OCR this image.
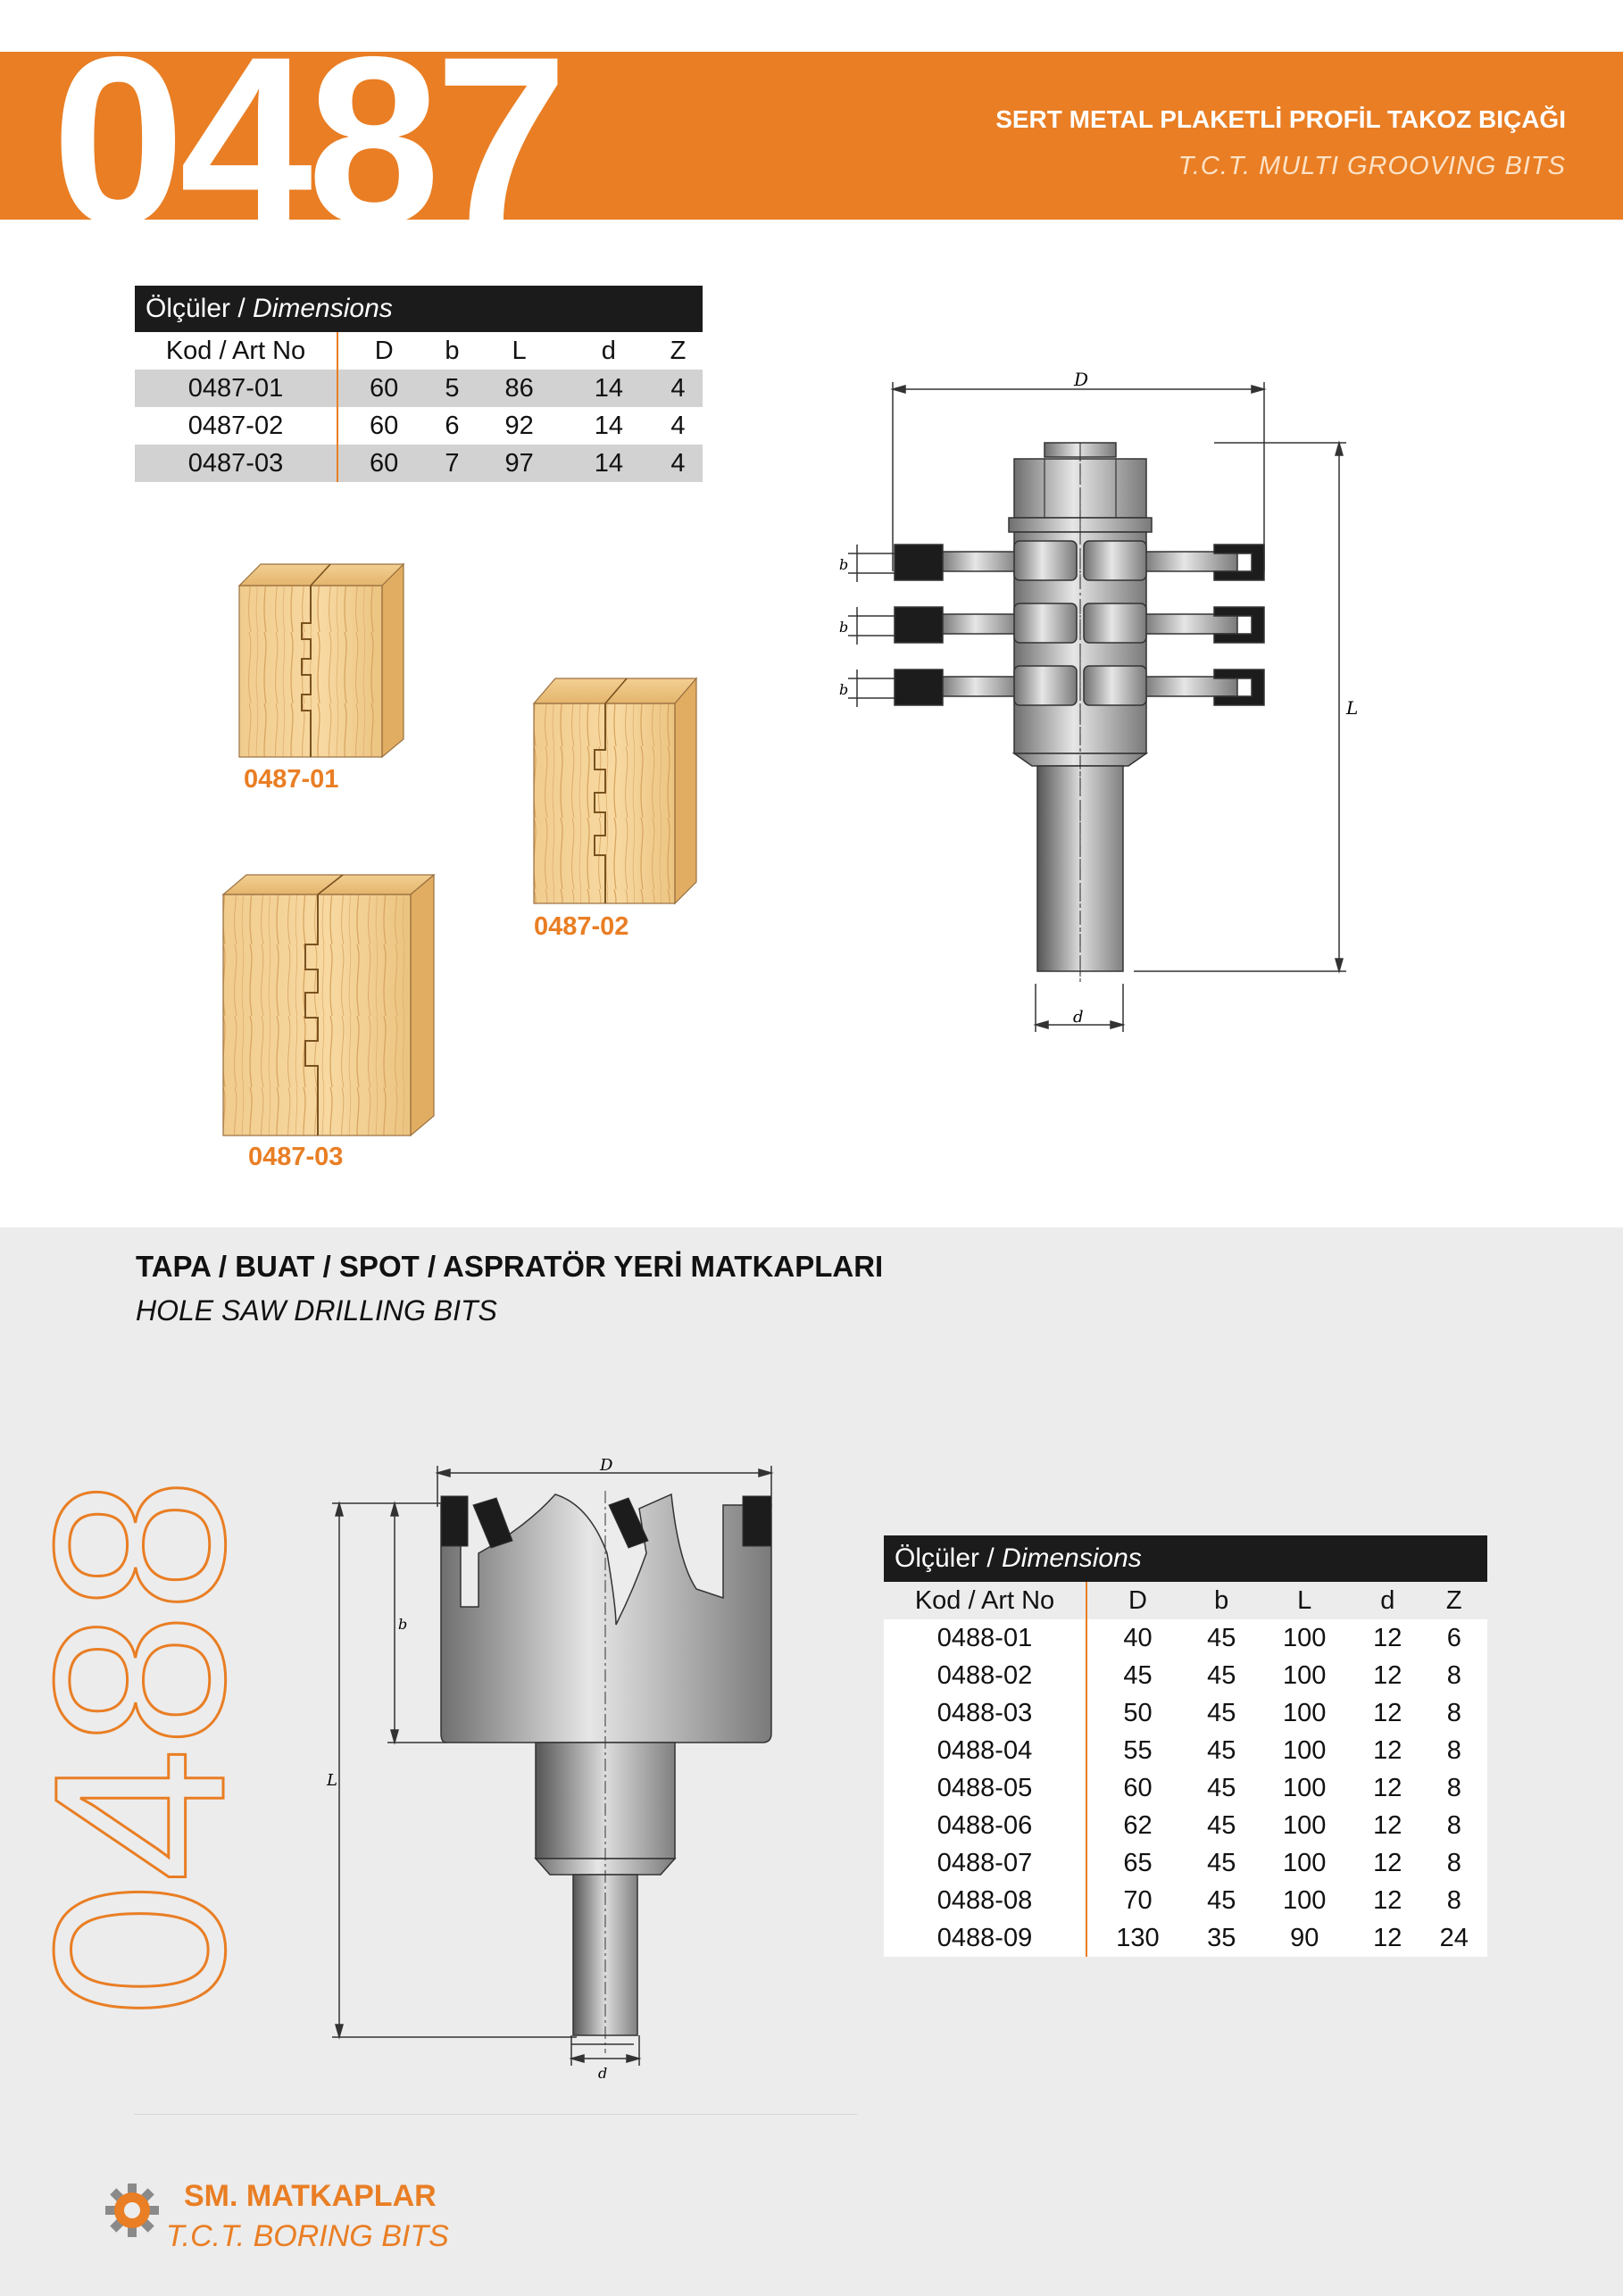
0487	SERT METAL PLAKETLİ PROFİL TAKOZ BIÇAĞI
T.C.T. MULTI GROOVING BITS
Ölçüler / Dimensions					
Kod / Art No	D	b	L	d	Z
0487-01	60	5	86	14	4
0487-02	60	6	92	14	4
0487-03	60	7	97	14	4
0487-01
0487-02
0487-03
D
b
b
b
L
d
TAPA / BUAT / SPOT / ASPRATÖR YERİ MATKAPLARI
HOLE SAW DRILLING BITS
0488
D
b
L
d
Ölçüler / Dimensions					
Kod / Art No	D	b	L	d	Z
0488-01	40	45	100	12	6
0488-02	45	45	100	12	8
0488-03	50	45	100	12	8
0488-04	55	45	100	12	8
0488-05	60	45	100	12	8
0488-06	62	45	100	12	8
0488-07	65	45	100	12	8
0488-08	70	45	100	12	8
0488-09	130	35	90	12	24
SM. MATKAPLAR
T.C.T. BORING BITS
